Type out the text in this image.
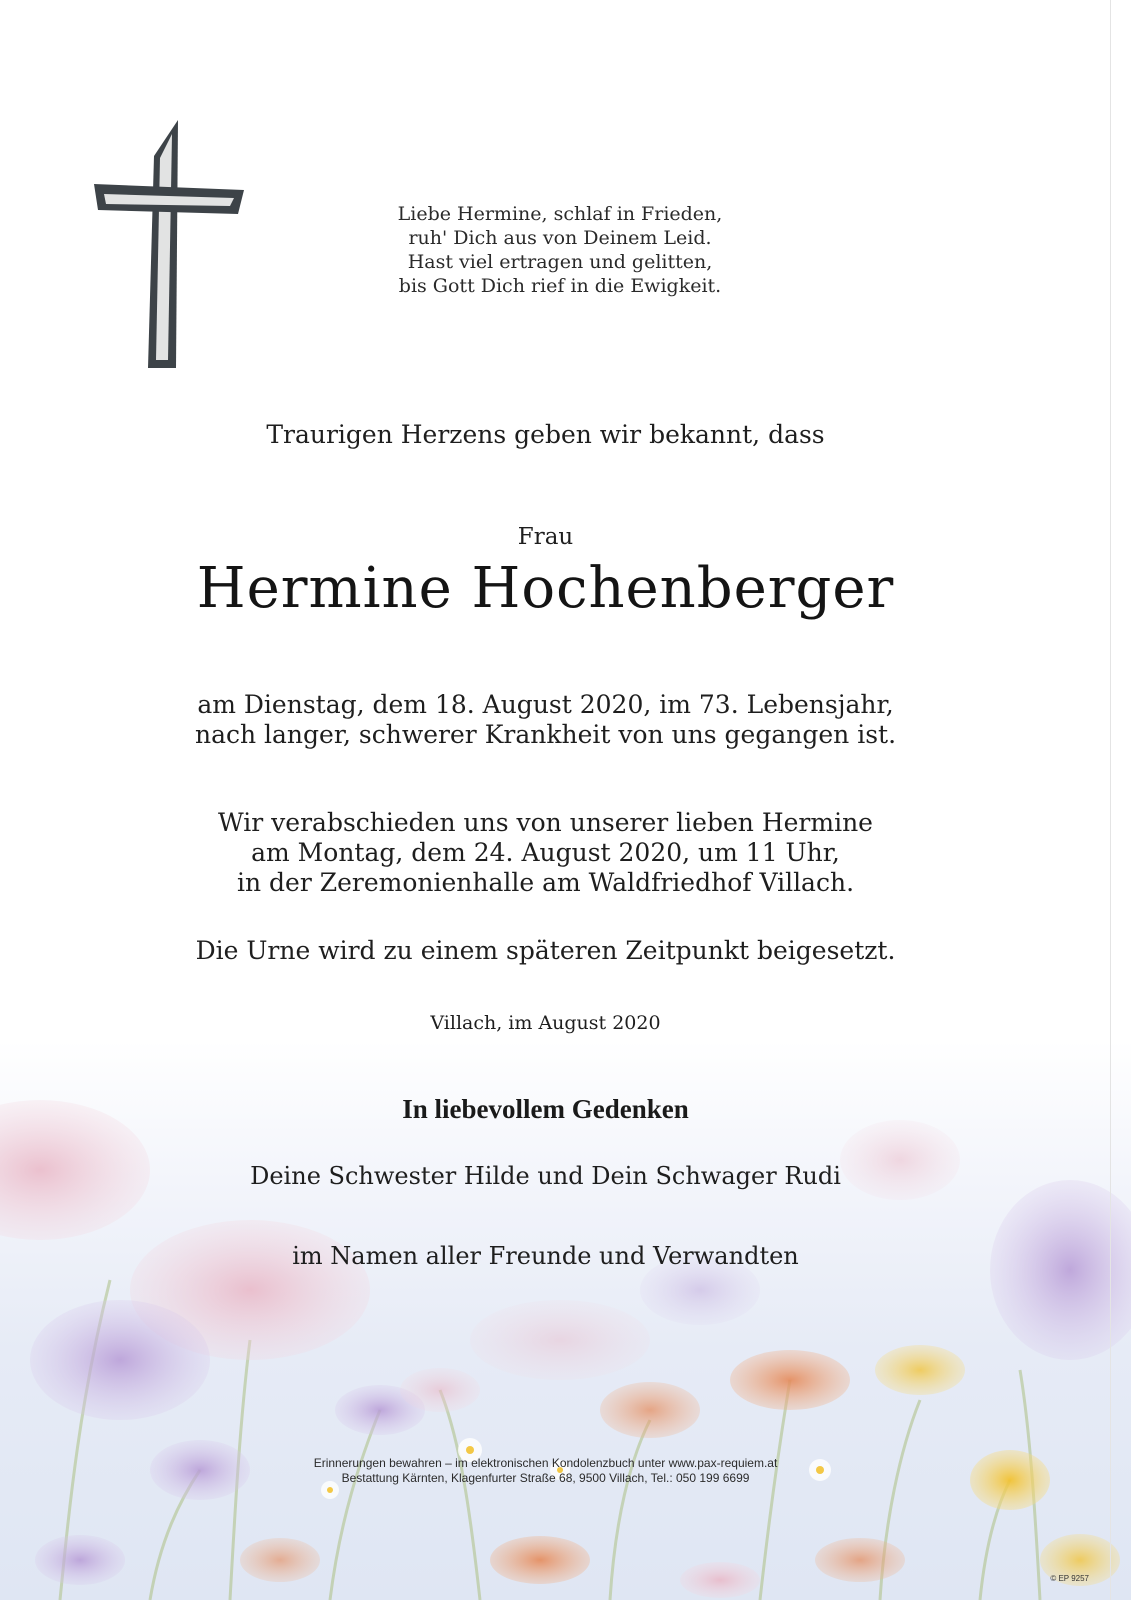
Liebe Hermine, schlaf in Frieden,
ruh' Dich aus von Deinem Leid.
Hast viel ertragen und gelitten,
bis Gott Dich rief in die Ewigkeit.

Traurigen Herzens geben wir bekannt, dass

Frau

Hermine Hochenberger

am Dienstag, dem 18. August 2020, im 73. Lebensjahr,
nach langer, schwerer Krankheit von uns gegangen ist.
Wir verabschieden uns von unserer lieben Hermine
am Montag, dem 24. August 2020, um 11 Uhr,
in der Zeremonienhalle am Waldfriedhof Villach.

Die Urne wird zu einem späteren Zeitpunkt beigesetzt.

Villach, im August 2020

In liebevollem Gedenken

Deine Schwester Hilde und Dein Schwager Rudi

im Namen aller Freunde und Verwandten

Erinnerungen bewahren – im elektronischen Kondolenzbuch unter www.pax-requiem.at
Bestattung Kärnten, Klagenfurter Straße 68, 9500 Villach, Tel.: 050 199 6699
© EP 9257
